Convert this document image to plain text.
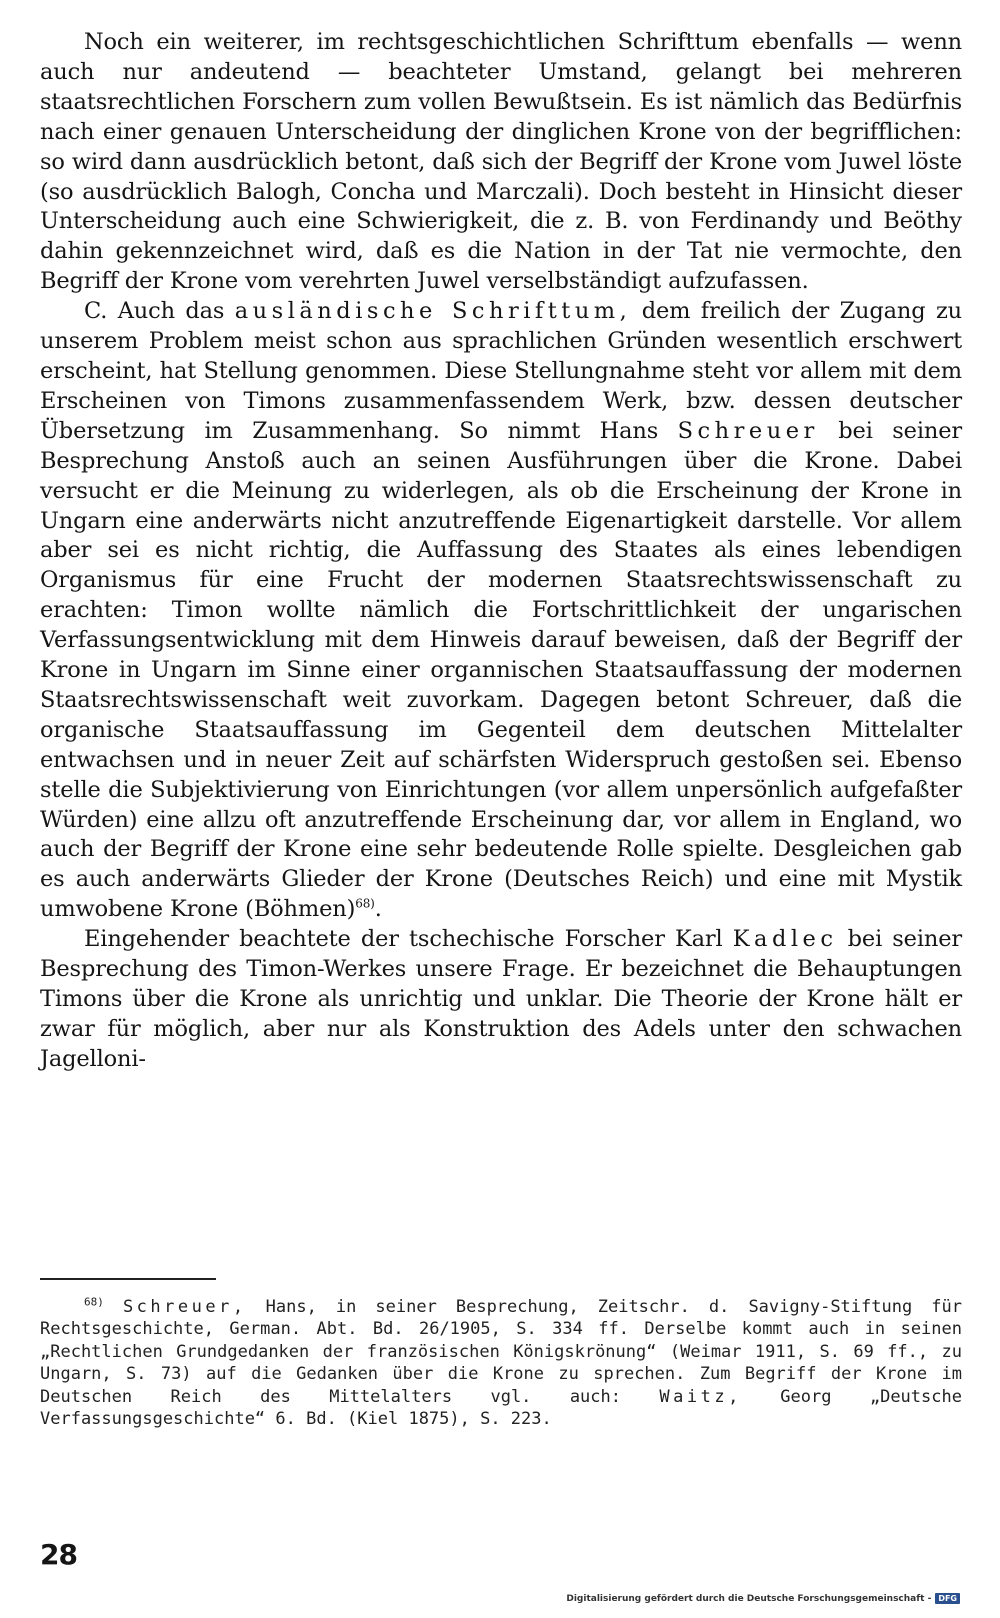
Noch ein weiterer, im rechtsgeschichtlichen Schrifttum ebenfalls — wenn auch nur andeutend — beachteter Umstand, gelangt bei mehreren staatsrechtlichen Forschern zum vollen Bewußtsein. Es ist nämlich das Bedürfnis nach einer genauen Unterscheidung der dinglichen Krone von der begrifflichen: so wird dann ausdrücklich betont, daß sich der Begriff der Krone vom Juwel löste (so ausdrücklich Balogh, Concha und Marczali). Doch besteht in Hinsicht dieser Unterscheidung auch eine Schwierigkeit, die z. B. von Ferdinandy und Beöthy dahin gekennzeichnet wird, daß es die Nation in der Tat nie vermochte, den Begriff der Krone vom verehrten Juwel verselbständigt aufzufassen.

C. Auch das ausländische Schrifttum, dem freilich der Zugang zu unserem Problem meist schon aus sprachlichen Gründen wesentlich erschwert erscheint, hat Stellung genommen. Diese Stellungnahme steht vor allem mit dem Erscheinen von Timons zusammenfassendem Werk, bzw. dessen deutscher Übersetzung im Zusammenhang. So nimmt Hans Schreuer bei seiner Besprechung Anstoß auch an seinen Ausführungen über die Krone. Dabei versucht er die Meinung zu widerlegen, als ob die Erscheinung der Krone in Ungarn eine anderwärts nicht anzutreffende Eigenartigkeit darstelle. Vor allem aber sei es nicht richtig, die Auffassung des Staates als eines lebendigen Organismus für eine Frucht der modernen Staatsrechtswissenschaft zu erachten: Timon wollte nämlich die Fortschrittlichkeit der ungarischen Verfassungsentwicklung mit dem Hinweis darauf beweisen, daß der Begriff der Krone in Ungarn im Sinne einer organnischen Staatsauffassung der modernen Staatsrechtswissenschaft weit zuvorkam. Dagegen betont Schreuer, daß die organische Staatsauffassung im Gegenteil dem deutschen Mittelalter entwachsen und in neuer Zeit auf schärfsten Widerspruch gestoßen sei. Ebenso stelle die Subjektivierung von Einrichtungen (vor allem unpersönlich aufgefaßter Würden) eine allzu oft anzutreffende Erscheinung dar, vor allem in England, wo auch der Begriff der Krone eine sehr bedeutende Rolle spielte. Desgleichen gab es auch anderwärts Glieder der Krone (Deutsches Reich) und eine mit Mystik umwobene Krone (Böhmen)$^{68)}$.

Eingehender beachtete der tschechische Forscher Karl Kadlec bei seiner Besprechung des Timon-Werkes unsere Frage. Er bezeichnet die Behauptungen Timons über die Krone als unrichtig und unklar. Die Theorie der Krone hält er zwar für möglich, aber nur als Konstruktion des Adels unter den schwachen Jagelloni-

$^{68)}$ Schreuer, Hans, in seiner Besprechung, Zeitschr. d. Savigny-Stiftung für Rechtsgeschichte, German. Abt. Bd. 26/1905, S. 334 ff. Derselbe kommt auch in seinen „Rechtlichen Grundgedanken der französischen Königskrönung“ (Weimar 1911, S. 69 ff., zu Ungarn, S. 73) auf die Gedanken über die Krone zu sprechen. Zum Begriff der Krone im Deutschen Reich des Mittelalters vgl. auch: Waitz, Georg „Deutsche Verfassungsgeschichte“ 6. Bd. (Kiel 1875), S. 223.

28
Digitalisierung gefördert durch die Deutsche Forschungsgemeinschaft - DFG
